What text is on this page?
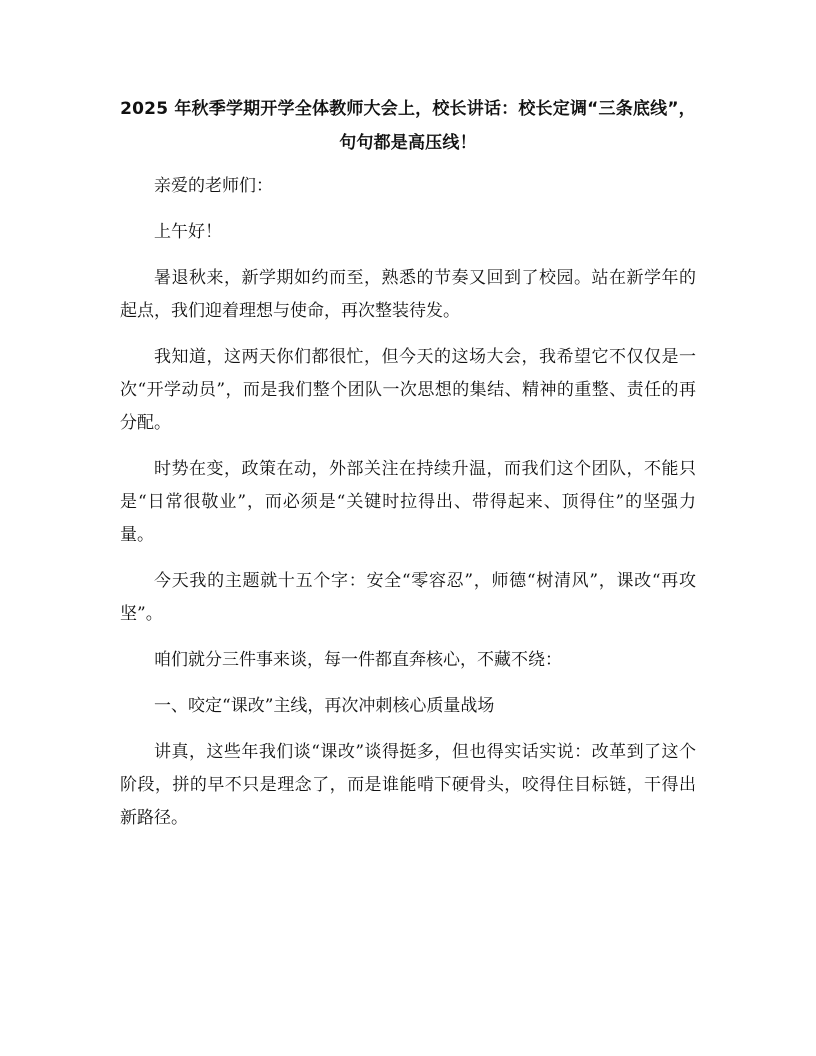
2025 年秋季学期开学全体教师大会上，校长讲话：校长定调“三条底线”，句句都是高压线！

亲爱的老师们：

上午好！

暑退秋来，新学期如约而至，熟悉的节奏又回到了校园。站在新学年的起点，我们迎着理想与使命，再次整装待发。

我知道，这两天你们都很忙，但今天的这场大会，我希望它不仅仅是一次“开学动员”，而是我们整个团队一次思想的集结、精神的重整、责任的再分配。

时势在变，政策在动，外部关注在持续升温，而我们这个团队，不能只是“日常很敬业”，而必须是“关键时拉得出、带得起来、顶得住”的坚强力量。

今天我的主题就十五个字：安全“零容忍”，师德“树清风”，课改“再攻坚”。

咱们就分三件事来谈，每一件都直奔核心，不藏不绕：

一、咬定“课改”主线，再次冲刺核心质量战场

讲真，这些年我们谈“课改”谈得挺多，但也得实话实说：改革到了这个阶段，拼的早不只是理念了，而是谁能啃下硬骨头，咬得住目标链，干得出新路径。
